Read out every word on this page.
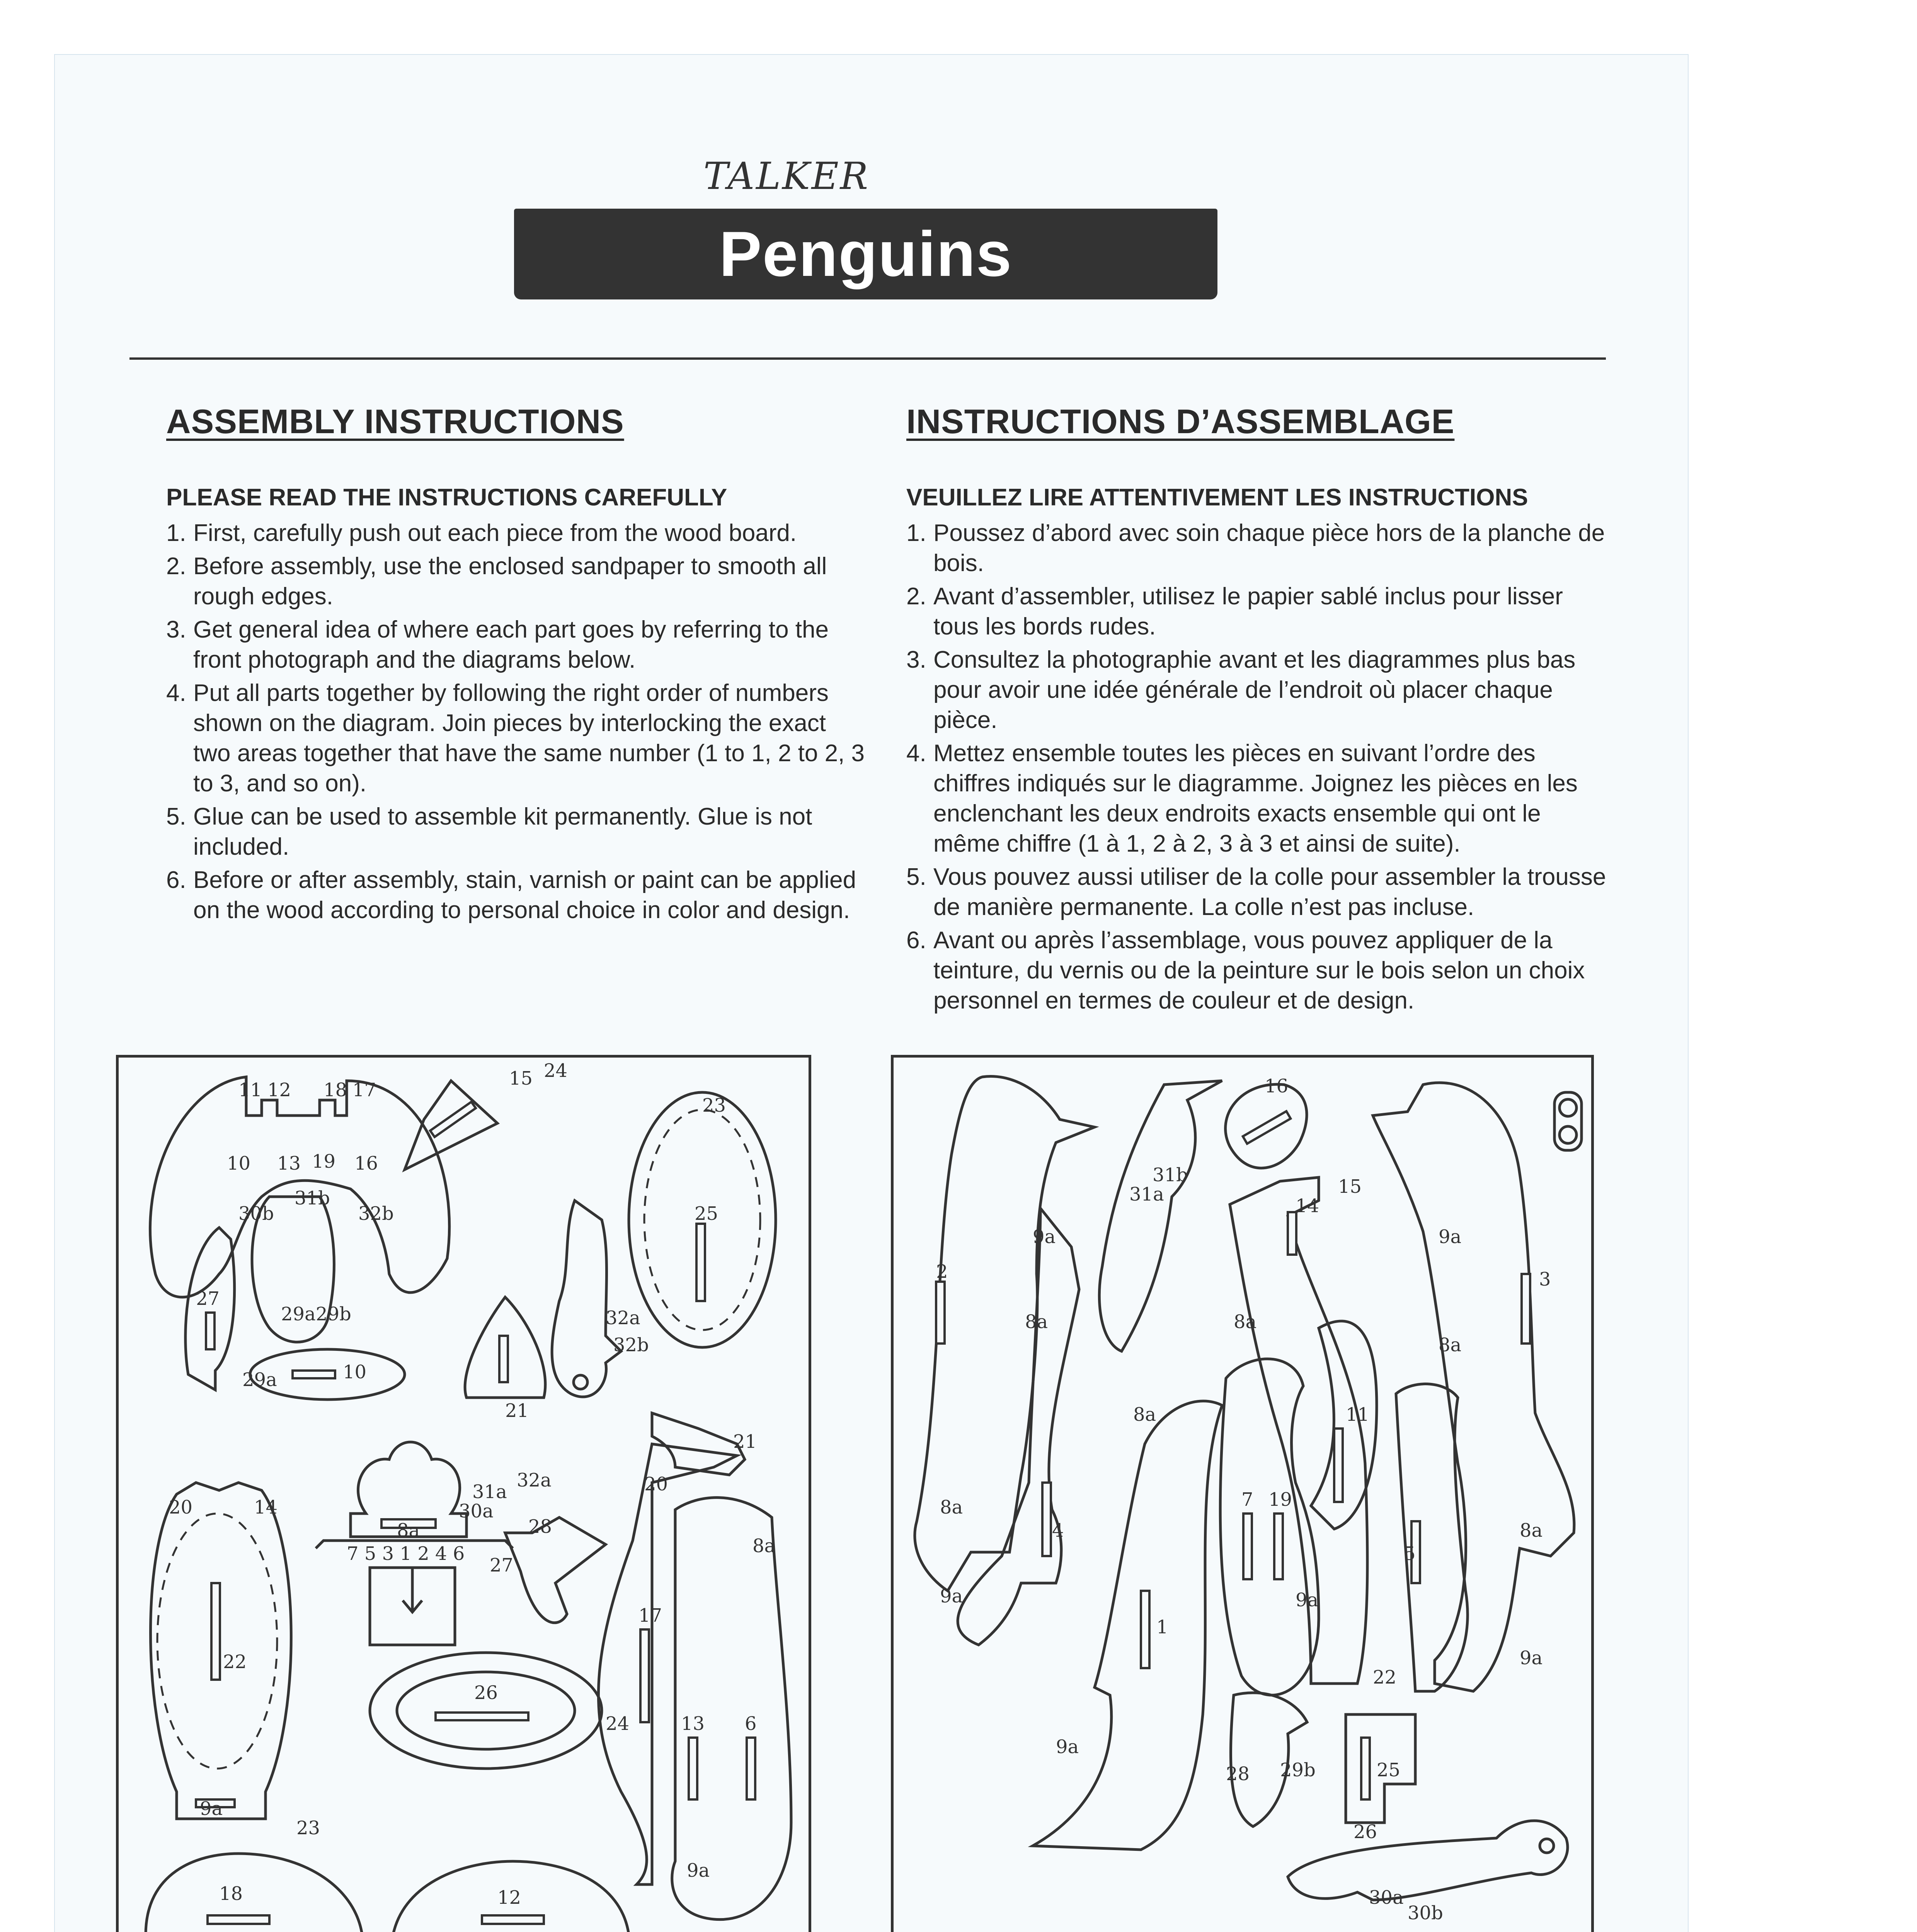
TALKER
Penguins
ASSEMBLY INSTRUCTIONS
PLEASE READ THE INSTRUCTIONS CAREFULLY
1. First, carefully push out each piece from the wood board.
2. Before assembly, use the enclosed sandpaper to smooth all rough edges.
3. Get general idea of where each part goes by referring to the front photograph and the diagrams below.
4. Put all parts together by following the right order of numbers shown on the diagram. Join pieces by interlocking the exact two areas together that have the same number (1 to 1, 2 to 2, 3 to 3, and so on).
5. Glue can be used to assemble kit permanently. Glue is not included.
6. Before or after assembly, stain, varnish or paint can be applied on the wood according to personal choice in color and design.
INSTRUCTIONS D’ASSEMBLAGE
VEUILLEZ LIRE ATTENTIVEMENT LES INSTRUCTIONS
1. Poussez d’abord avec soin chaque pièce hors de la planche de bois.
2. Avant d’assembler, utilisez le papier sablé inclus pour lisser tous les bords rudes.
3. Consultez la photographie avant et les diagrammes plus bas pour avoir une idée générale de l’endroit où placer chaque pièce.
4. Mettez ensemble toutes les pièces en suivant l’ordre des chiffres indiqués sur le diagramme. Joignez les pièces en les enclenchant les deux endroits exacts ensemble qui ont le même chiffre (1 à 1, 2 à 2, 3 à 3 et ainsi de suite).
5. Vous pouvez aussi utiliser de la colle pour assembler la trousse de manière permanente. La colle n’est pas incluse.
6. Avant ou après l’assemblage, vous pouvez appliquer de la teinture, du vernis ou de la peinture sur le bois selon un choix personnel en termes de couleur et de design.
11 12 18 17
10 13 19 16
31b
30b	32b
27
29a 29b
29a	10
15 24
23
25
32a
32b
21
21
20
20	14
31a
32a
30a
28
8a
7 5 3 1 2 4 6
27
8a
22
17
26
24	13 6
9a
23
9a
18	12
16
31b
31a	15
14
9a	9a
2	3
8a	8a
8a
8a	11
8a	7 19
8a
4
5
9a	9a
1
22
9a
9a
28 29b	25
26
30a
30b
